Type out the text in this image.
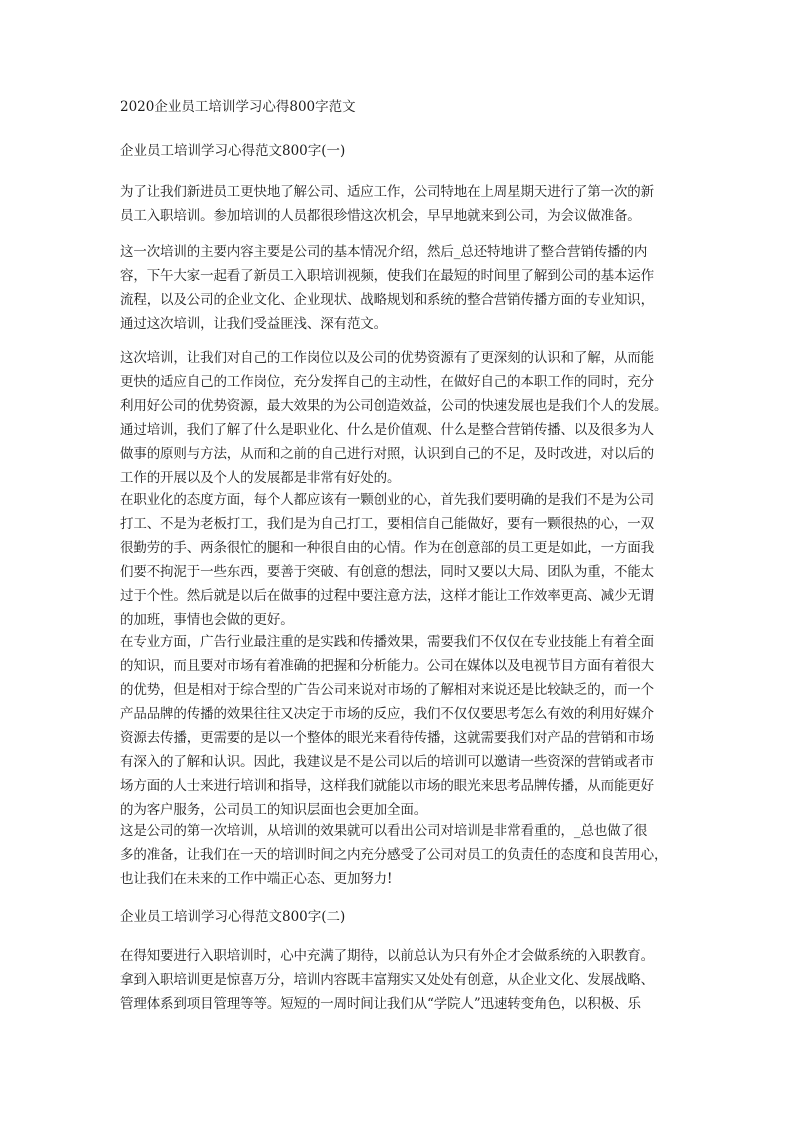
2020企业员工培训学习心得800字范文
企业员工培训学习心得范文800字(一)
为了让我们新进员工更快地了解公司、适应工作，公司特地在上周星期天进行了第一次的新
员工入职培训。参加培训的人员都很珍惜这次机会，早早地就来到公司，为会议做准备。
这一次培训的主要内容主要是公司的基本情况介绍，然后_总还特地讲了整合营销传播的内
容，下午大家一起看了新员工入职培训视频，使我们在最短的时间里了解到公司的基本运作
流程，以及公司的企业文化、企业现状、战略规划和系统的整合营销传播方面的专业知识，
通过这次培训，让我们受益匪浅、深有范文。
这次培训，让我们对自己的工作岗位以及公司的优势资源有了更深刻的认识和了解，从而能
更快的适应自己的工作岗位，充分发挥自己的主动性，在做好自己的本职工作的同时，充分
利用好公司的优势资源，最大效果的为公司创造效益，公司的快速发展也是我们个人的发展。
通过培训，我们了解了什么是职业化、什么是价值观、什么是整合营销传播、以及很多为人
做事的原则与方法，从而和之前的自己进行对照，认识到自己的不足，及时改进，对以后的
工作的开展以及个人的发展都是非常有好处的。
在职业化的态度方面，每个人都应该有一颗创业的心，首先我们要明确的是我们不是为公司
打工、不是为老板打工，我们是为自己打工，要相信自己能做好，要有一颗很热的心，一双
很勤劳的手、两条很忙的腿和一种很自由的心情。作为在创意部的员工更是如此，一方面我
们要不拘泥于一些东西，要善于突破、有创意的想法，同时又要以大局、团队为重，不能太
过于个性。然后就是以后在做事的过程中要注意方法，这样才能让工作效率更高、减少无谓
的加班，事情也会做的更好。
在专业方面，广告行业最注重的是实践和传播效果，需要我们不仅仅在专业技能上有着全面
的知识，而且要对市场有着准确的把握和分析能力。公司在媒体以及电视节目方面有着很大
的优势，但是相对于综合型的广告公司来说对市场的了解相对来说还是比较缺乏的，而一个
产品品牌的传播的效果往往又决定于市场的反应，我们不仅仅要思考怎么有效的利用好媒介
资源去传播，更需要的是以一个整体的眼光来看待传播，这就需要我们对产品的营销和市场
有深入的了解和认识。因此，我建议是不是公司以后的培训可以邀请一些资深的营销或者市
场方面的人士来进行培训和指导，这样我们就能以市场的眼光来思考品牌传播，从而能更好
的为客户服务，公司员工的知识层面也会更加全面。
这是公司的第一次培训，从培训的效果就可以看出公司对培训是非常看重的，_总也做了很
多的准备，让我们在一天的培训时间之内充分感受了公司对员工的负责任的态度和良苦用心，
也让我们在未来的工作中端正心态、更加努力!
企业员工培训学习心得范文800字(二)
在得知要进行入职培训时，心中充满了期待，以前总认为只有外企才会做系统的入职教育。
拿到入职培训更是惊喜万分，培训内容既丰富翔实又处处有创意，从企业文化、发展战略、
管理体系到项目管理等等。短短的一周时间让我们从“学院人”迅速转变角色，以积极、乐
